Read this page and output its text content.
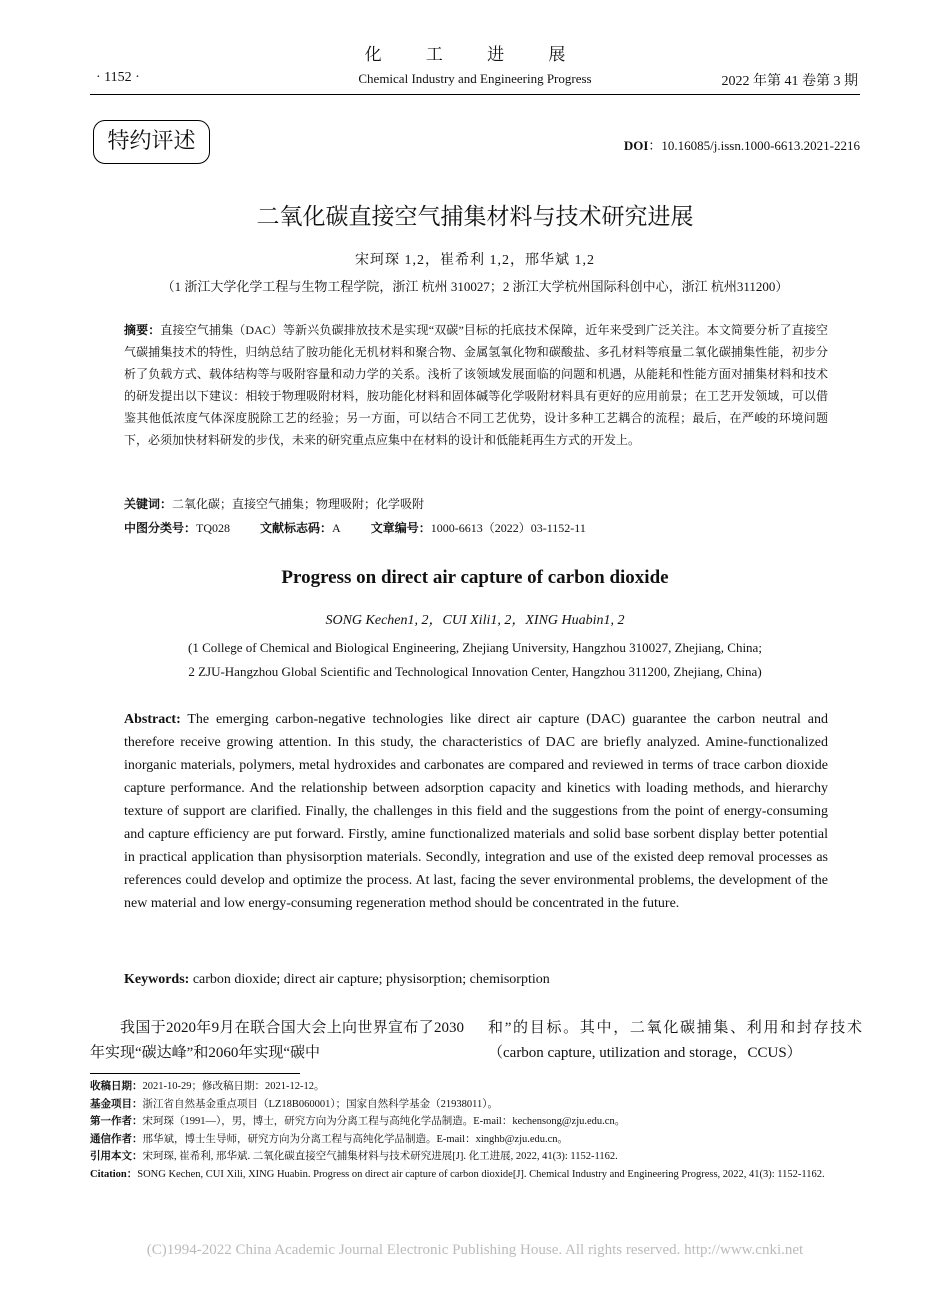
化 工 进 展
· 1152 ·	Chemical Industry and Engineering Progress	2022 年第 41 卷第 3 期
特约评述	DOI：10.16085/j.issn.1000-6613.2021-2216
二氧化碳直接空气捕集材料与技术研究进展
宋珂琛 1,2，崔希利 1,2，邢华斌 1,2
（1 浙江大学化学工程与生物工程学院，浙江 杭州 310027；2 浙江大学杭州国际科创中心，浙江 杭州311200）
摘要：直接空气捕集（DAC）等新兴负碳排放技术是实现“双碳”目标的托底技术保障，近年来受到广泛关注。本文简要分析了直接空气碳捕集技术的特性，归纳总结了胺功能化无机材料和聚合物、金属氢氧化物和碳酸盐、多孔材料等痕量二氧化碳捕集性能，初步分析了负载方式、载体结构等与吸附容量和动力学的关系。浅析了该领域发展面临的问题和机遇，从能耗和性能方面对捕集材料和技术的研发提出以下建议：相较于物理吸附材料，胺功能化材料和固体碱等化学吸附材料具有更好的应用前景；在工艺开发领域，可以借鉴其他低浓度气体深度脱除工艺的经验；另一方面，可以结合不同工艺优势，设计多种工艺耦合的流程；最后，在严峻的环境问题下，必须加快材料研发的步伐，未来的研究重点应集中在材料的设计和低能耗再生方式的开发上。
关键词：二氧化碳；直接空气捕集；物理吸附；化学吸附
中图分类号：TQ028	文献标志码：A	文章编号：1000-6613（2022）03-1152-11
Progress on direct air capture of carbon dioxide
SONG Kechen1, 2，CUI Xili1, 2，XING Huabin1, 2
(1 College of Chemical and Biological Engineering, Zhejiang University, Hangzhou 310027, Zhejiang, China;
2 ZJU-Hangzhou Global Scientific and Technological Innovation Center, Hangzhou 311200, Zhejiang, China)
Abstract: The emerging carbon-negative technologies like direct air capture (DAC) guarantee the carbon neutral and therefore receive growing attention. In this study, the characteristics of DAC are briefly analyzed. Amine-functionalized inorganic materials, polymers, metal hydroxides and carbonates are compared and reviewed in terms of trace carbon dioxide capture performance. And the relationship between adsorption capacity and kinetics with loading methods, and hierarchy texture of support are clarified. Finally, the challenges in this field and the suggestions from the point of energy-consuming and capture efficiency are put forward. Firstly, amine functionalized materials and solid base sorbent display better potential in practical application than physisorption materials. Secondly, integration and use of the existed deep removal processes as references could develop and optimize the process. At last, facing the sever environmental problems, the development of the new material and low energy-consuming regeneration method should be concentrated in the future.
Keywords: carbon dioxide; direct air capture; physisorption; chemisorption
我国于2020年9月在联合国大会上向世界宣布了2030年实现“碳达峰”和2060年实现“碳中
和”的目标。其中，二氧化碳捕集、利用和封存技术（carbon capture, utilization and storage，CCUS）
收稿日期：2021-10-29；修改稿日期：2021-12-12。
基金项目：浙江省自然基金重点项目（LZ18B060001）；国家自然科学基金（21938011）。
第一作者：宋珂琛（1991—），男，博士，研究方向为分离工程与高纯化学品制造。E-mail：kechensong@zju.edu.cn。
通信作者：邢华斌，博士生导师，研究方向为分离工程与高纯化学品制造。E-mail：xinghb@zju.edu.cn。
引用本文：宋珂琛, 崔希利, 邢华斌. 二氧化碳直接空气捕集材料与技术研究进展[J]. 化工进展, 2022, 41(3): 1152-1162.
Citation：SONG Kechen, CUI Xili, XING Huabin. Progress on direct air capture of carbon dioxide[J]. Chemical Industry and Engineering Progress, 2022, 41(3): 1152-1162.
(C)1994-2022 China Academic Journal Electronic Publishing House. All rights reserved. http://www.cnki.net
